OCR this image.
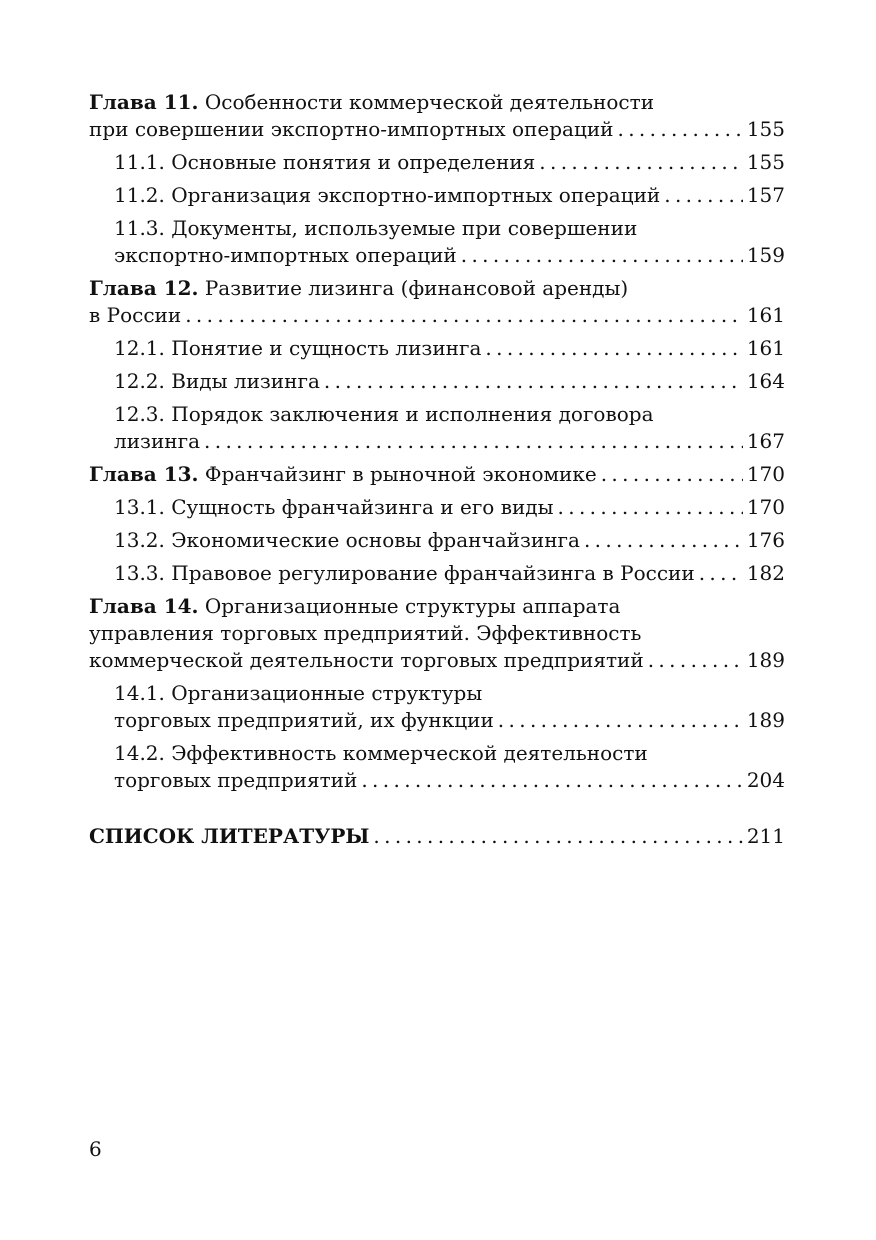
Глава 11.
Особенности коммерческой деятельности
при совершении экспортно-импортных операций . . .	155
11.1. Основные понятия и определения . . .	155
11.2. Организация экспортно-импортных операций . . .	157
11.3. Документы, используемые при совершении
экспортно-импортных операций . . .	159
Глава 12.
Развитие лизинга (финансовой аренды)
в России . . .	161
12.1. Понятие и сущность лизинга . . .	161
12.2. Виды лизинга . . .	164
12.3. Порядок заключения и исполнения договора
лизинга . . .	167
Глава 13.
Франчайзинг в рыночной экономике . . .	170
13.1. Сущность франчайзинга и его виды . . .	170
13.2. Экономические основы франчайзинга . . .	176
13.3. Правовое регулирование франчайзинга в России . . .	182
Глава 14.
Организационные структуры аппарата
управления торговых предприятий. Эффективность
коммерческой деятельности торговых предприятий . . .	189
14.1. Организационные структуры
торговых предприятий, их функции . . .	189
14.2. Эффективность коммерческой деятельности
торговых предприятий . . .	204
СПИСОК ЛИТЕРАТУРЫ . . .	211
6
